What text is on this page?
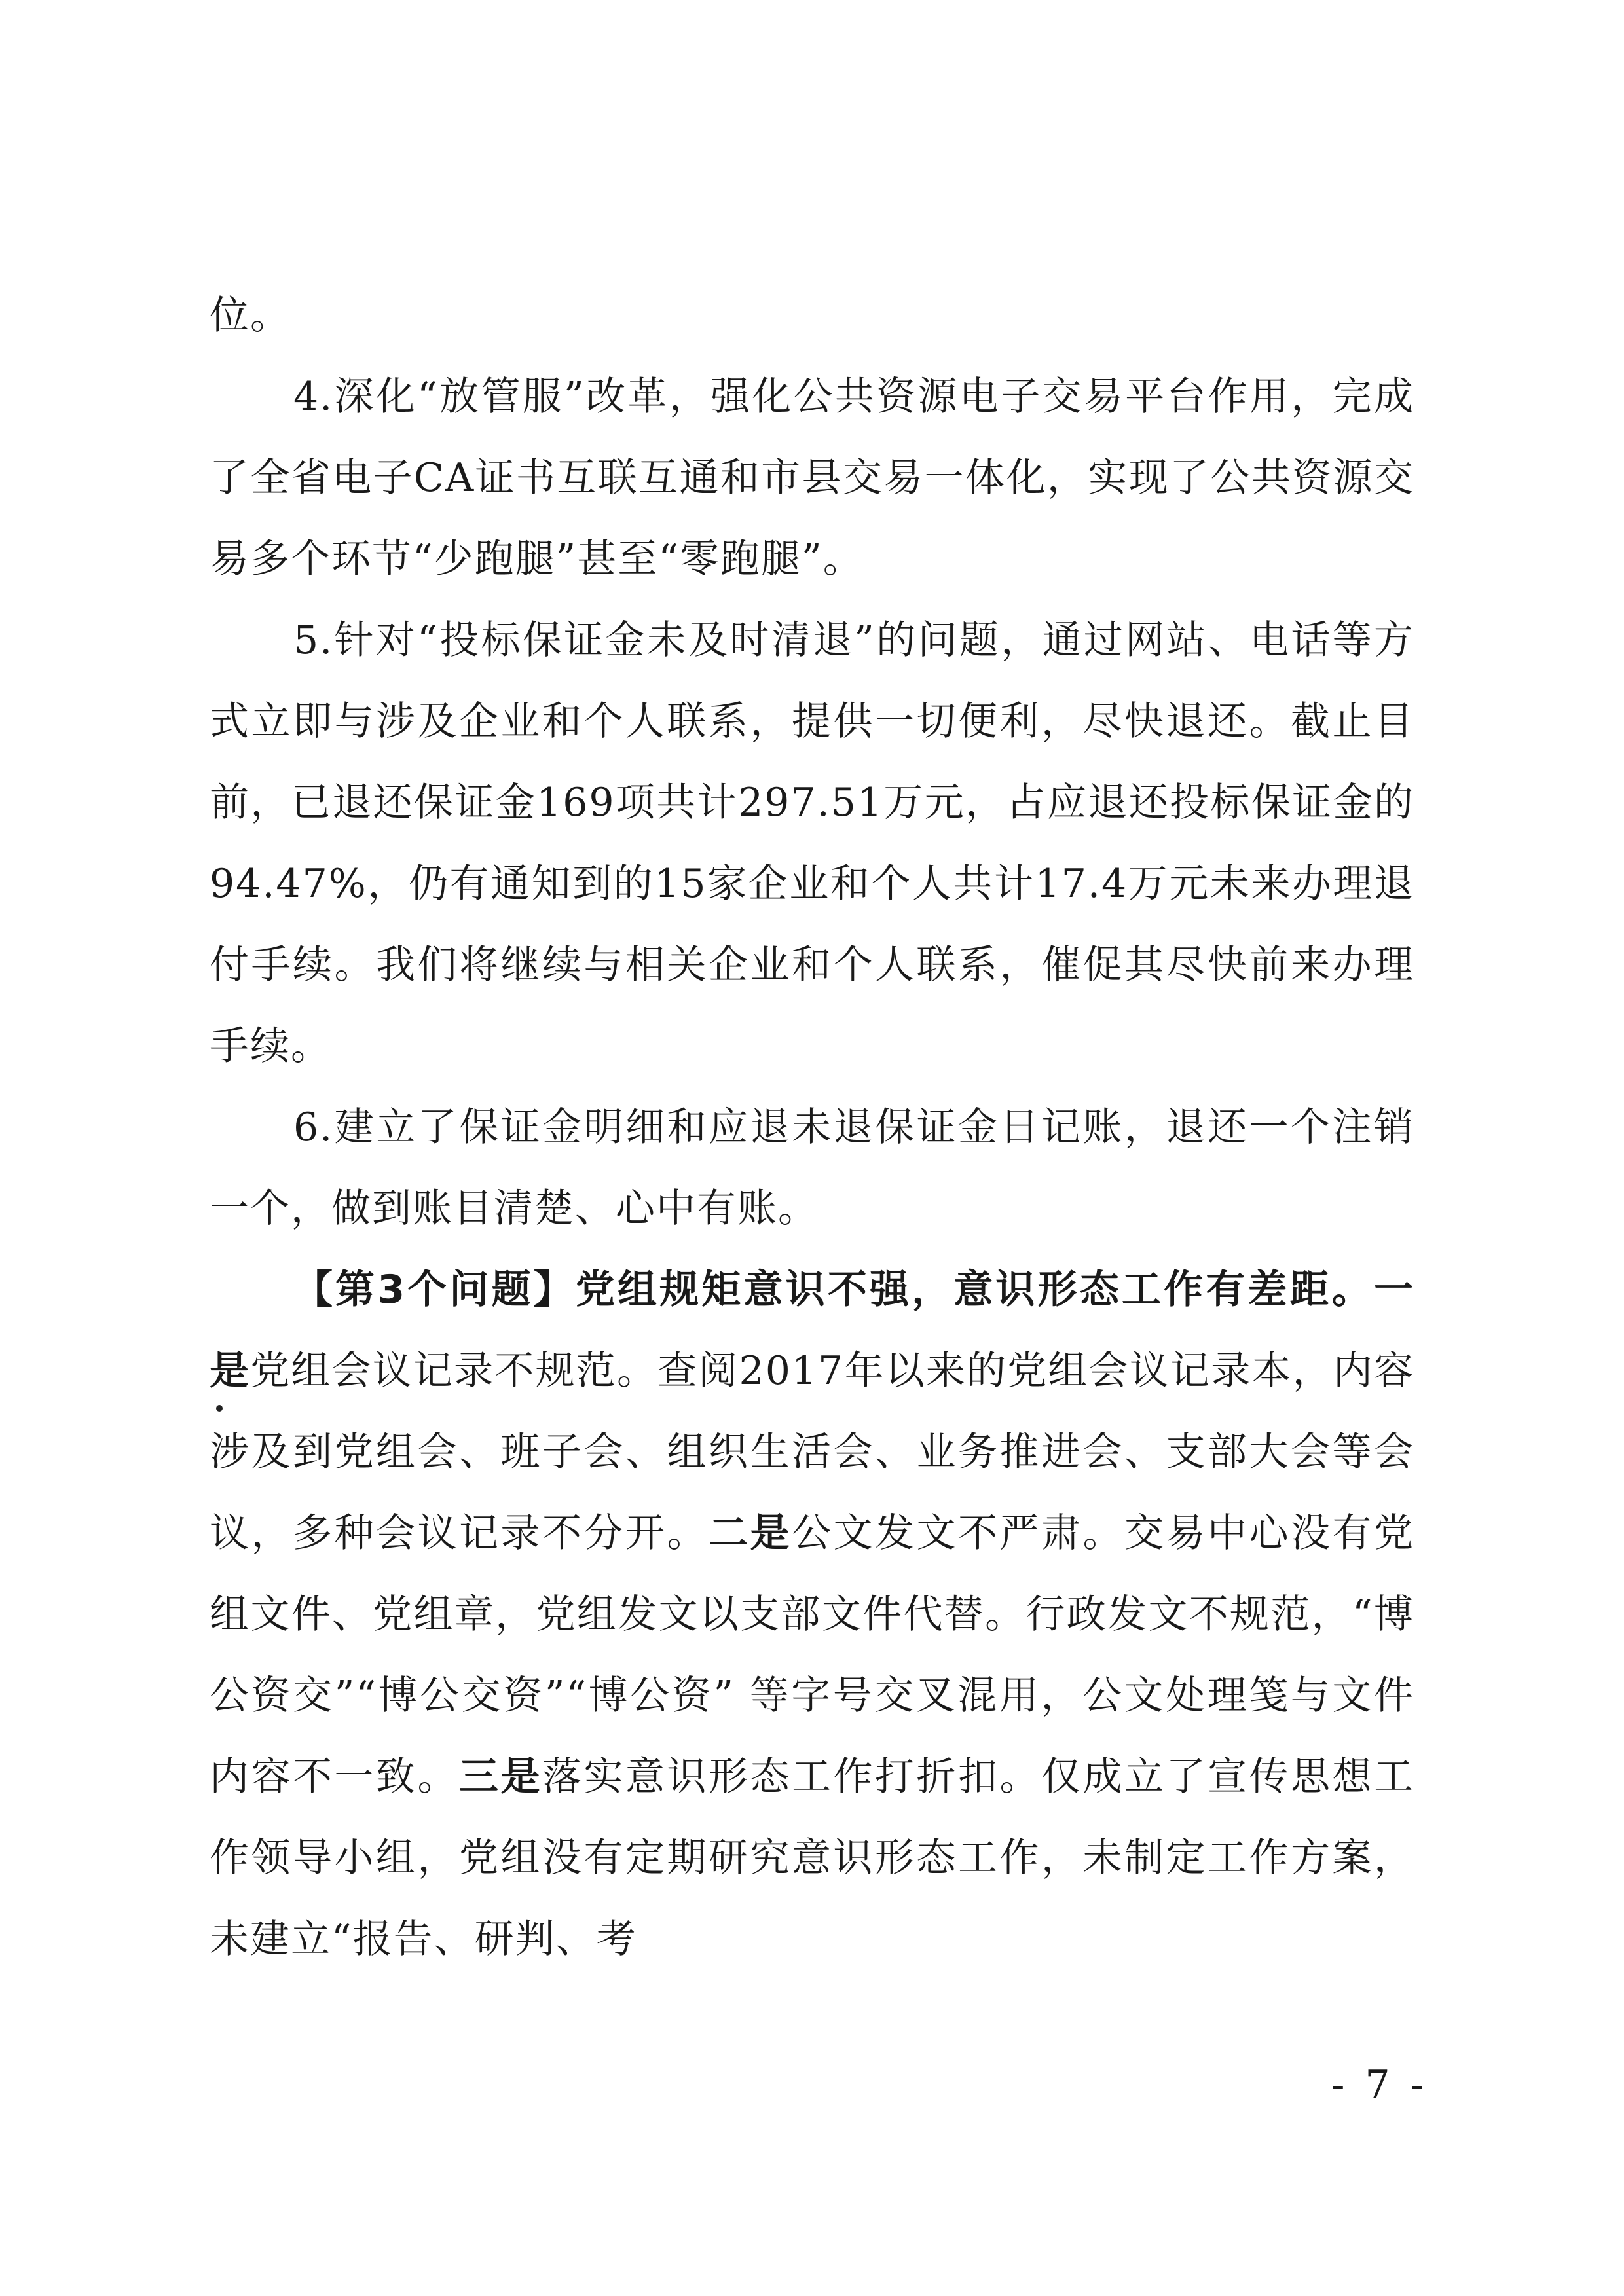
位。

4.深化“放管服”改革，强化公共资源电子交易平台作用，完成了全省电子CA证书互联互通和市县交易一体化，实现了公共资源交易多个环节“少跑腿”甚至“零跑腿”。

5.针对“投标保证金未及时清退”的问题，通过网站、电话等方式立即与涉及企业和个人联系，提供一切便利，尽快退还。截止目前，已退还保证金169项共计297.51万元，占应退还投标保证金的94.47%，仍有通知到的15家企业和个人共计17.4万元未来办理退付手续。我们将继续与相关企业和个人联系，催促其尽快前来办理手续。

6.建立了保证金明细和应退未退保证金日记账，退还一个注销一个，做到账目清楚、心中有账。

【第3个问题】党组规矩意识不强，意识形态工作有差距。一是党组会议记录不规范。查阅2017年以来的党组会议记录本，内容涉及到党组会、班子会、组织生活会、业务推进会、支部大会等会议，多种会议记录不分开。二是公文发文不严肃。交易中心没有党组文件、党组章，党组发文以支部文件代替。行政发文不规范，“博公资交”“博公交资”“博公资” 等字号交叉混用，公文处理笺与文件内容不一致。三是落实意识形态工作打折扣。仅成立了宣传思想工作领导小组，党组没有定期研究意识形态工作，未制定工作方案，未建立“报告、研判、考

- 7 -
